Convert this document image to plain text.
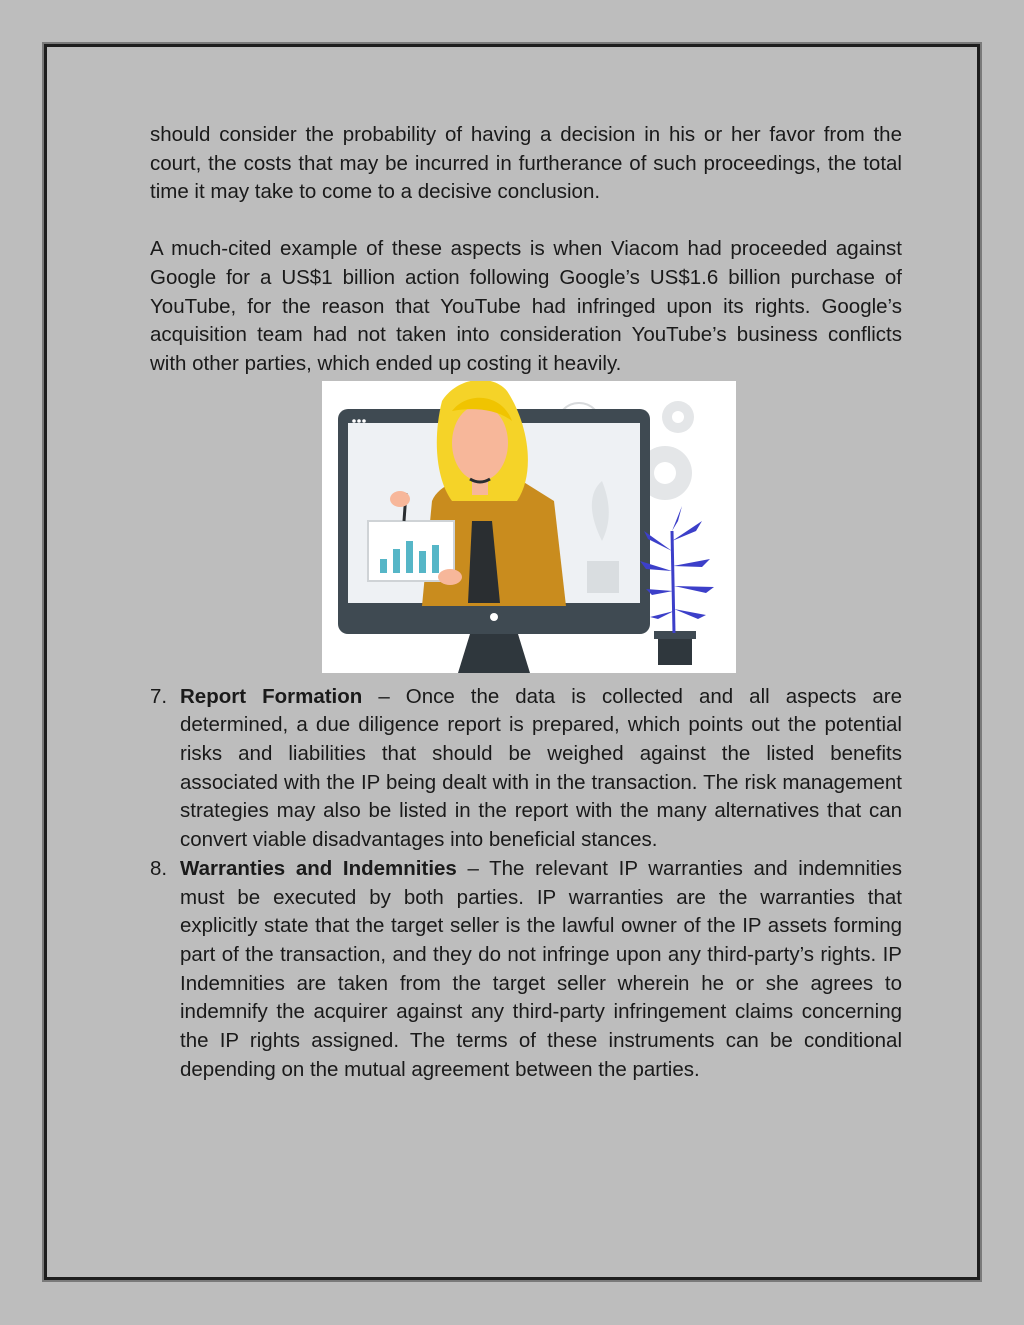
should consider the probability of having a decision in his or her favor from the court, the costs that may be incurred in furtherance of such proceedings, the total time it may take to come to a decisive conclusion.

A much-cited example of these aspects is when Viacom had proceeded against Google for a US$1 billion action following Google’s US$1.6 billion purchase of YouTube, for the reason that YouTube had infringed upon its rights. Google’s acquisition team had not taken into consideration YouTube’s business conflicts with other parties, which ended up costing it heavily.

7. Report Formation – Once the data is collected and all aspects are determined, a due diligence report is prepared, which points out the potential risks and liabilities that should be weighed against the listed benefits associated with the IP being dealt with in the transaction. The risk management strategies may also be listed in the report with the many alternatives that can convert viable disadvantages into beneficial stances.
8. Warranties and Indemnities – The relevant IP warranties and indemnities must be executed by both parties. IP warranties are the warranties that explicitly state that the target seller is the lawful owner of the IP assets forming part of the transaction, and they do not infringe upon any third-party’s rights. IP Indemnities are taken from the target seller wherein he or she agrees to indemnify the acquirer against any third-party infringement claims concerning the IP rights assigned. The terms of these instruments can be conditional depending on the mutual agreement between the parties.
